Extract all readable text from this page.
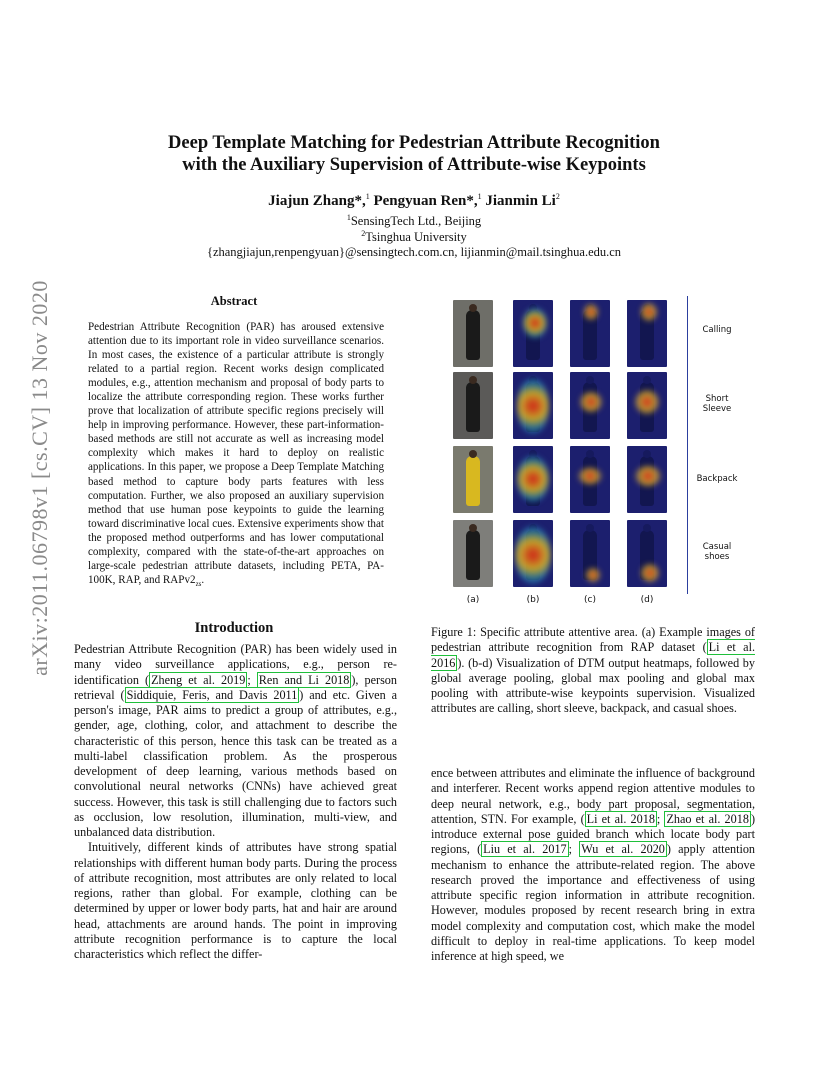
arXiv:2011.06798v1 [cs.CV] 13 Nov 2020
Deep Template Matching for Pedestrian Attribute Recognition
with the Auxiliary Supervision of Attribute-wise Keypoints
Jiajun Zhang*,$^1$ Pengyuan Ren*,$^1$ Jianmin Li$^2$
$^1$SensingTech Ltd., Beijing
$^2$Tsinghua University
{zhangjiajun,renpengyuan}@sensingtech.com.cn, lijianmin@mail.tsinghua.edu.cn
Abstract
Pedestrian Attribute Recognition (PAR) has aroused extensive attention due to its important role in video surveillance scenarios. In most cases, the existence of a particular attribute is strongly related to a partial region. Recent works design complicated modules, e.g., attention mechanism and proposal of body parts to localize the attribute corresponding region. These works further prove that localization of attribute specific regions precisely will help in improving performance. However, these part-information-based methods are still not accurate as well as increasing model complexity which makes it hard to deploy on realistic applications. In this paper, we propose a Deep Template Matching based method to capture body parts features with less computation. Further, we also proposed an auxiliary supervision method that use human pose keypoints to guide the learning toward discriminative local cues. Extensive experiments show that the proposed method outperforms and has lower computational complexity, compared with the state-of-the-art approaches on large-scale pedestrian attribute datasets, including PETA, PA-100K, RAP, and $RAPv2_{zs}$.
Introduction

Pedestrian Attribute Recognition (PAR) has been widely used in many video surveillance applications, e.g., person re-identification ( Zheng et al. 2019 ; Ren and Li 2018 ), person retrieval ( Siddiquie, Feris, and Davis 2011 ) and etc. Given a person's image, PAR aims to predict a group of attributes, e.g., gender, age, clothing, color, and attachment to describe the characteristic of this person, hence this task can be treated as a multi-label classification problem. As the prosperous development of deep learning, various methods based on convolutional neural networks (CNNs) have achieved great success. However, this task is still challenging due to factors such as occlusion, low resolution, illumination, multi-view, and unbalanced data distribution.

Intuitively, different kinds of attributes have strong spatial relationships with different human body parts. During the process of attribute recognition, most attributes are only related to local regions, rather than global. For example, clothing can be determined by upper or lower body parts, hat and hair are around head, attachments are around hands. The point in improving attribute recognition performance is to capture the local characteristics which reflect the differ-

Calling
Short
Sleeve
Backpack
Casual
shoes
(a)	(b)	(c)	(d)
Figure 1: Specific attribute attentive area. (a) Example images of pedestrian attribute recognition from RAP dataset ( Li et al. 2016 ). (b-d) Visualization of DTM output heatmaps, followed by global average pooling, global max pooling and global max pooling with attribute-wise keypoints supervision. Visualized attributes are calling, short sleeve, backpack, and casual shoes.
ence between attributes and eliminate the influence of background and interferer. Recent works append region attentive modules to deep neural network, e.g., body part proposal, segmentation, attention, STN. For example, ( Li et al. 2018 ; Zhao et al. 2018 ) introduce external pose guided branch which locate body part regions, ( Liu et al. 2017 ; Wu et al. 2020 ) apply attention mechanism to enhance the attribute-related region. The above research proved the importance and effectiveness of using attribute specific region information in attribute recognition. However, modules proposed by recent research bring in extra model complexity and computation cost, which make the model difficult to deploy in real-time applications. To keep model inference at high speed, we
